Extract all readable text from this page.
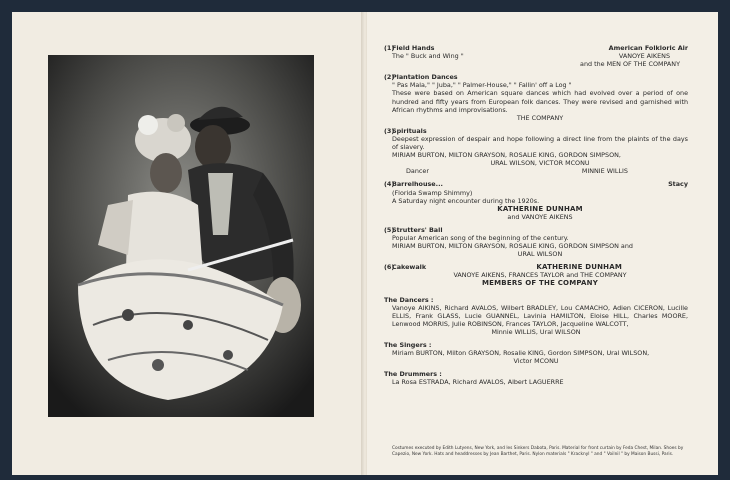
(1)
Field Hands	American Folkloric Air
The " Buck and Wing "	VANOYE AIKENS
and the MEN OF THE COMPANY
(2)
Plantation Dances
" Pas Mala," " Juba," " Palmer-House," " Fallin' off a Log "
These were based on American square dances which had evolved over a period of one hundred and fifty years from European folk dances. They were revised and garnished with African rhythms and improvisations.
THE COMPANY
(3)
Spirituals
Deepest expression of despair and hope following a direct line from the plaints of the days of slavery.
MIRIAM BURTON, MILTON GRAYSON, ROSALIE KING, GORDON SIMPSON,
URAL WILSON, VICTOR MCONU
Dancer	MINNIE WILLIS
(4)
Barrelhouse...	Stacy
(Florida Swamp Shimmy)
A Saturday night encounter during the 1920s.
KATHERINE DUNHAM
and VANOYE AIKENS
(5)
Strutters' Ball
Popular American song of the beginning of the century.
MIRIAM BURTON, MILTON GRAYSON, ROSALIE KING, GORDON SIMPSON and
URAL WILSON
(6)
Cakewalk	KATHERINE DUNHAM
VANOYE AIKENS, FRANCES TAYLOR and THE COMPANY
MEMBERS OF THE COMPANY
The Dancers :
Vanoye AIKINS, Richard AVALOS, Wilbert BRADLEY, Lou CAMACHO, Adien CICERON, Lucille ELLIS, Frank GLASS, Lucie GUANNEL, Lavinia HAMILTON, Eloise HILL, Charles MOORE, Lenwood MORRIS, Julie ROBINSON, Frances TAYLOR, Jacqueline WALCOTT,
Minnie WILLIS, Ural WILSON
The Singers :
Miriam BURTON, Milton GRAYSON, Rosalie KING, Gordon SIMPSON, Ural WILSON,
Victor MCONU
The Drummers :
La Rosa ESTRADA, Richard AVALOS, Albert LAGUERRE
Costumes executed by Edith Lutyens, New York, and les Sinkers Dabota, Paris. Material for front curtain by Feda Chest, Milan. Shoes by Capezio, New York. Hats and headdresses by Jean Barthet, Paris. Nylon materials " Kracknyl " and " Voilnil " by Maison Bussi, Paris.
